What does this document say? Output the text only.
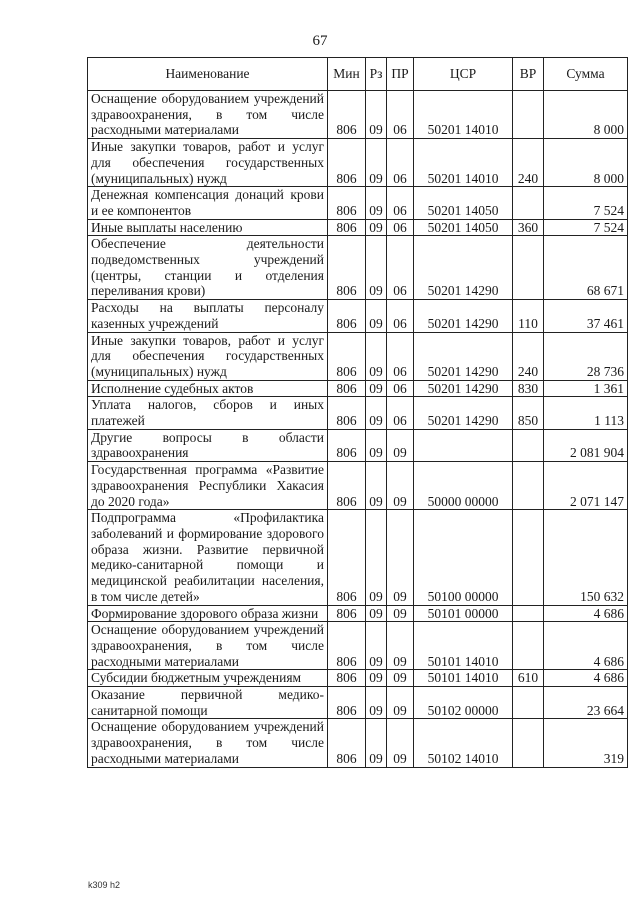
67
Наименование	Мин	Рз	ПР	ЦСР	ВР	Сумма
Оснащение оборудованием учреждений здравоохранения, в том числе расходными материалами	806	09	06	50201 14010		8 000
Иные закупки товаров, работ и услуг для обеспечения государственных (муниципальных) нужд	806	09	06	50201 14010	240	8 000
Денежная компенсация донаций крови и ее компонентов	806	09	06	50201 14050		7 524
Иные выплаты населению	806	09	06	50201 14050	360	7 524
Обеспечение деятельности подведомственных учреждений (центры, станции и отделения переливания крови)	806	09	06	50201 14290		68 671
Расходы на выплаты персоналу казенных учреждений	806	09	06	50201 14290	110	37 461
Иные закупки товаров, работ и услуг для обеспечения государственных (муниципальных) нужд	806	09	06	50201 14290	240	28 736
Исполнение судебных актов	806	09	06	50201 14290	830	1 361
Уплата налогов, сборов и иных платежей	806	09	06	50201 14290	850	1 113
Другие вопросы в области здравоохранения	806	09	09			2 081 904
Государственная программа «Развитие здравоохранения Республики Хакасия до 2020 года»	806	09	09	50000 00000		2 071 147
Подпрограмма «Профилактика заболеваний и формирование здорового образа жизни. Развитие первичной медико-санитарной помощи и медицинской реабилитации населения, в том числе детей»	806	09	09	50100 00000		150 632
Формирование здорового образа жизни	806	09	09	50101 00000		4 686
Оснащение оборудованием учреждений здравоохранения, в том числе расходными материалами	806	09	09	50101 14010		4 686
Субсидии бюджетным учреждениям	806	09	09	50101 14010	610	4 686
Оказание первичной медико-санитарной помощи	806	09	09	50102 00000		23 664
Оснащение оборудованием учреждений здравоохранения, в том числе расходными материалами	806	09	09	50102 14010		319
k309 h2
